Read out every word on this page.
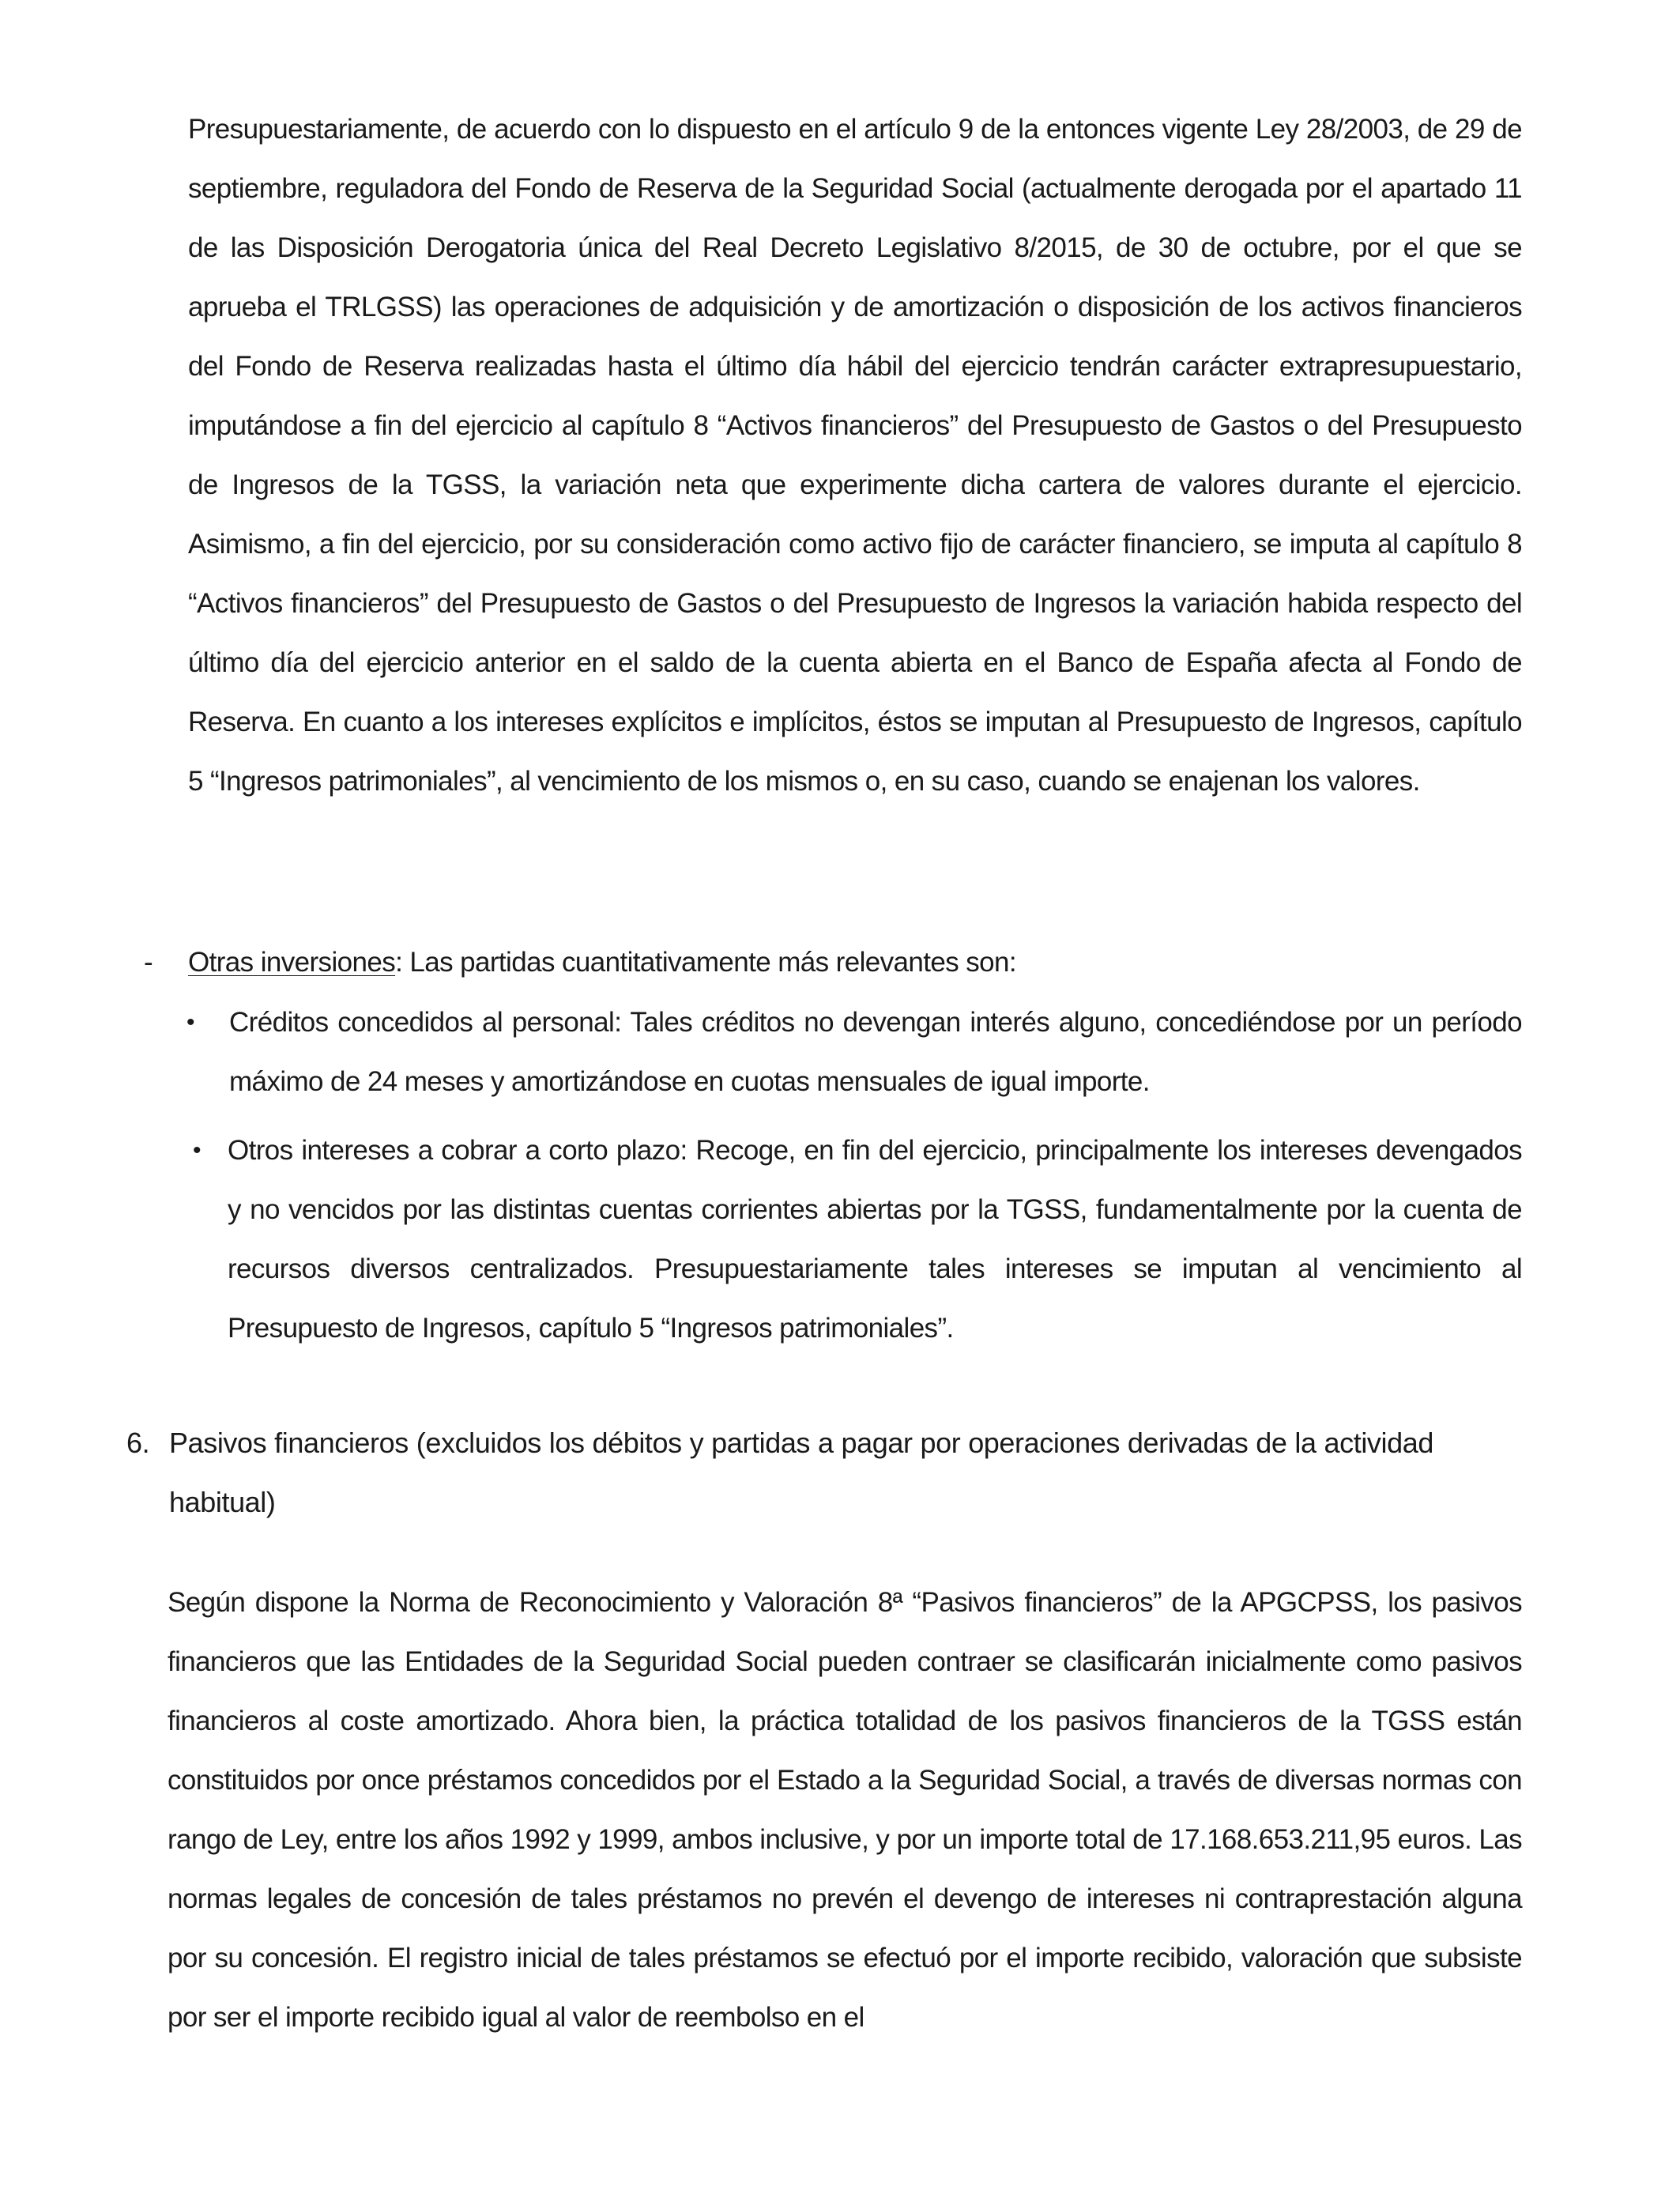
Presupuestariamente, de acuerdo con lo dispuesto en el artículo 9 de la entonces vigente Ley 28/2003, de 29 de septiembre, reguladora del Fondo de Reserva de la Seguridad Social (actualmente derogada por el apartado 11 de las Disposición Derogatoria única del Real Decreto Legislativo 8/2015, de 30 de octubre, por el que se aprueba el TRLGSS) las operaciones de adquisición y de amortización o disposición de los activos financieros del Fondo de Reserva realizadas hasta el último día hábil del ejercicio tendrán carácter extrapresupuestario, imputándose a fin del ejercicio al capítulo 8 “Activos financieros” del Presupuesto de Gastos o del Presupuesto de Ingresos de la TGSS, la variación neta que experimente dicha cartera de valores durante el ejercicio. Asimismo, a fin del ejercicio, por su consideración como activo fijo de carácter financiero, se imputa al capítulo 8 “Activos financieros” del Presupuesto de Gastos o del Presupuesto de Ingresos la variación habida respecto del último día del ejercicio anterior en el saldo de la cuenta abierta en el Banco de España afecta al Fondo de Reserva. En cuanto a los intereses explícitos e implícitos, éstos se imputan al Presupuesto de Ingresos, capítulo 5 “Ingresos patrimoniales”, al vencimiento de los mismos o, en su caso, cuando se enajenan los valores.

- Otras inversiones: Las partidas cuantitativamente más relevantes son:

• Créditos concedidos al personal: Tales créditos no devengan interés alguno, concediéndose por un período máximo de 24 meses y amortizándose en cuotas mensuales de igual importe.

• Otros intereses a cobrar a corto plazo: Recoge, en fin del ejercicio, principalmente los intereses devengados y no vencidos por las distintas cuentas corrientes abiertas por la TGSS, fundamentalmente por la cuenta de recursos diversos centralizados. Presupuestariamente tales intereses se imputan al vencimiento al Presupuesto de Ingresos, capítulo 5 “Ingresos patrimoniales”.

6. Pasivos financieros (excluidos los débitos y partidas a pagar por operaciones derivadas de la actividad habitual)

Según dispone la Norma de Reconocimiento y Valoración 8ª “Pasivos financieros” de la APGCPSS, los pasivos financieros que las Entidades de la Seguridad Social pueden contraer se clasificarán inicialmente como pasivos financieros al coste amortizado. Ahora bien, la práctica totalidad de los pasivos financieros de la TGSS están constituidos por once préstamos concedidos por el Estado a la Seguridad Social, a través de diversas normas con rango de Ley, entre los años 1992 y 1999, ambos inclusive, y por un importe total de 17.168.653.211,95 euros. Las normas legales de concesión de tales préstamos no prevén el devengo de intereses ni contraprestación alguna por su concesión. El registro inicial de tales préstamos se efectuó por el importe recibido, valoración que subsiste por ser el importe recibido igual al valor de reembolso en el
